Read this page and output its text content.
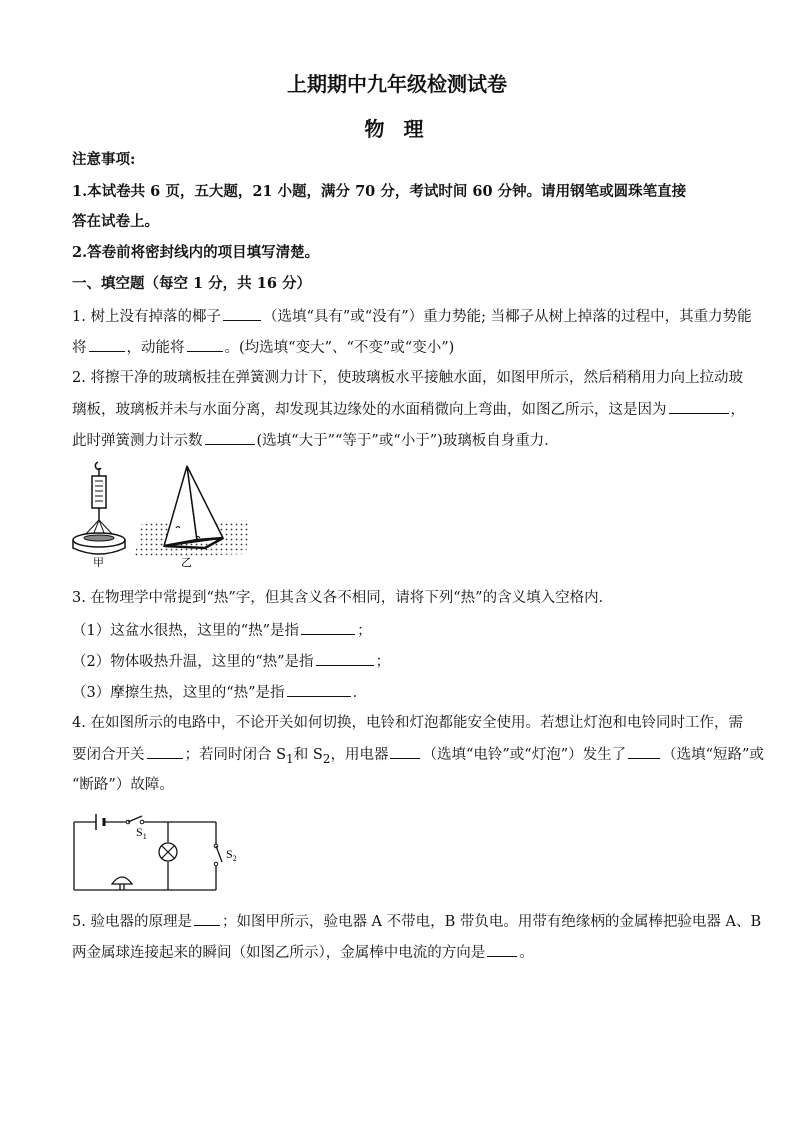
上期期中九年级检测试卷
物 理
注意事项:
1.本试卷共 6 页，五大题，21 小题，满分 70 分，考试时间 60 分钟。请用钢笔或圆珠笔直接
答在试卷上。
2.答卷前将密封线内的项目填写清楚。
一、填空题（每空 1 分，共 16 分）
1. 树上没有掉落的椰子	（选填“具有”或“没有”）重力势能; 当椰子从树上掉落的过程中，其重力势能
将	，动能将	。(均选填“变大”、“不变”或“变小”)
2. 将擦干净的玻璃板挂在弹簧测力计下，使玻璃板水平接触水面，如图甲所示，然后稍稍用力向上拉动玻
璃板，玻璃板并未与水面分离，却发现其边缘处的水面稍微向上弯曲，如图乙所示，这是因为	，
此时弹簧测力计示数	(选填“大于”“等于”或“小于”)玻璃板自身重力．
甲	乙
3. 在物理学中常提到“热”字，但其含义各不相同，请将下列“热”的含义填入空格内．
（1）这盆水很热，这里的“热”是指	；
（2）物体吸热升温，这里的“热”是指	；
（3）摩擦生热，这里的“热”是指	．
4. 在如图所示的电路中，不论开关如何切换，电铃和灯泡都能安全使用。若想让灯泡和电铃同时工作，需
要闭合开关	；若同时闭合 $S_1$和 $S_2$，用电器 （选填“电铃”或“灯泡”）发生了 （选填“短路”或
“断路”）故障。
$S_1$
$S_2$
5. 验电器的原理是 ；如图甲所示，验电器 A 不带电，B 带负电。用带有绝缘柄的金属棒把验电器 A、B
两金属球连接起来的瞬间（如图乙所示），金属棒中电流的方向是 。
